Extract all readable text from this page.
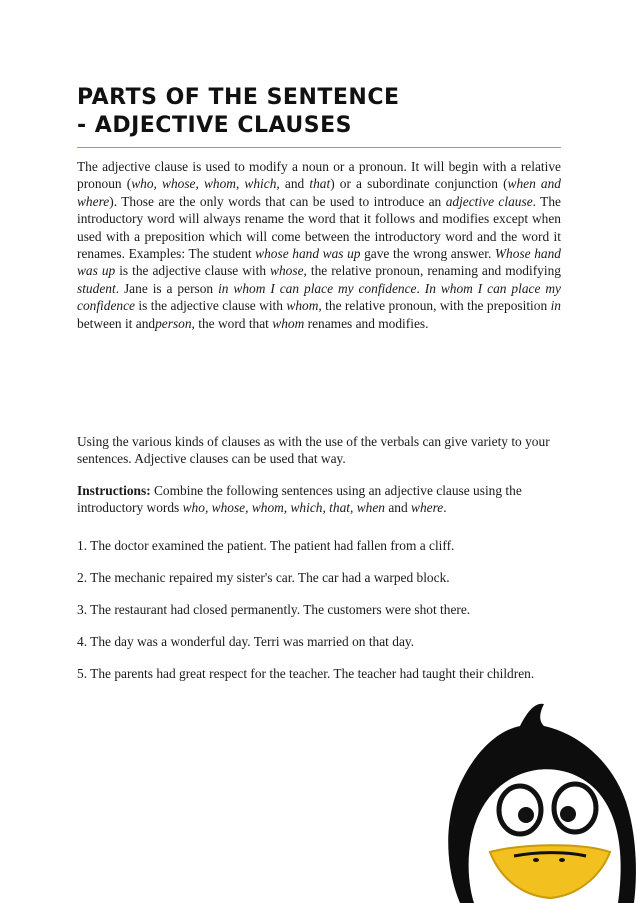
PARTS OF THE SENTENCE
- ADJECTIVE CLAUSES

The adjective clause is used to modify a noun or a pronoun. It will begin with a relative pronoun (who, whose, whom, which, and that) or a subordinate conjunction (when and where). Those are the only words that can be used to introduce an adjective clause. The introductory word will always rename the word that it follows and modifies except when used with a preposition which will come between the introductory word and the word it renames. Examples: The student whose hand was up gave the wrong answer. Whose hand was up is the adjective clause with whose, the relative pronoun, renaming and modifying student. Jane is a person in whom I can place my confidence. In whom I can place my confidence is the adjective clause with whom, the relative pronoun, with the preposition in between it andperson, the word that whom renames and modifies.

Using the various kinds of clauses as with the use of the verbals can give variety to your sentences. Adjective clauses can be used that way.

Instructions: Combine the following sentences using an adjective clause using the introductory words who, whose, whom, which, that, when and where.

1. The doctor examined the patient. The patient had fallen from a cliff.
2. The mechanic repaired my sister's car. The car had a warped block.
3. The restaurant had closed permanently. The customers were shot there.
4. The day was a wonderful day. Terri was married on that day.
5. The parents had great respect for the teacher. The teacher had taught their children.
